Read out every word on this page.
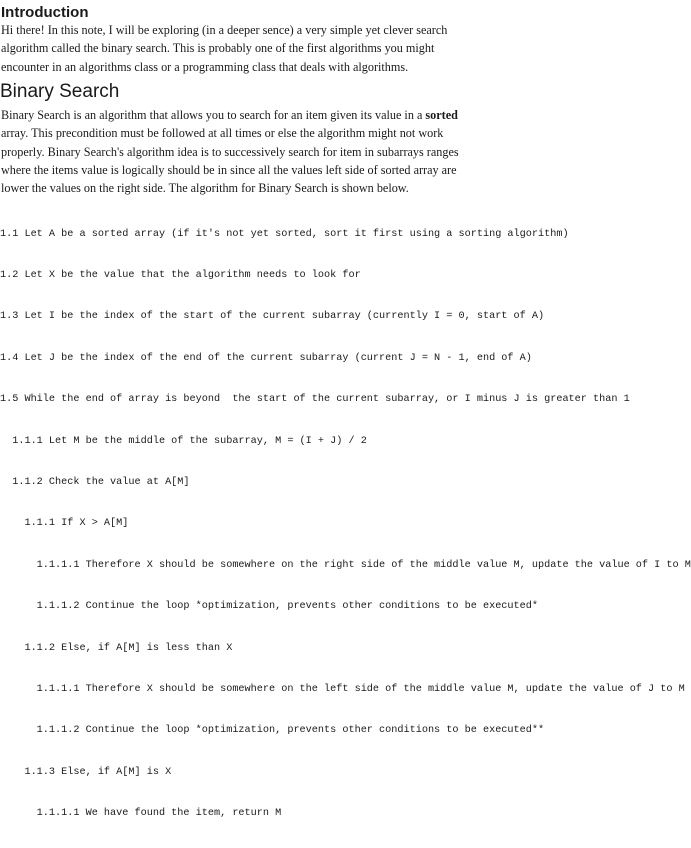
Introduction
Hi there! In this note, I will be exploring (in a deeper sence) a very simple yet clever search
algorithm called the binary search. This is probably one of the first algorithms you might
encounter in an algorithms class or a programming class that deals with algorithms.
Binary Search
Binary Search is an algorithm that allows you to search for an item given its value in a sorted
array. This precondition must be followed at all times or else the algorithm might not work
properly. Binary Search's algorithm idea is to successively search for item in subarrays ranges
where the items value is logically should be in since all the values left side of sorted array are
lower the values on the right side. The algorithm for Binary Search is shown below.

1.1 Let A be a sorted array (if it's not yet sorted, sort it first using a sorting algorithm)

1.2 Let X be the value that the algorithm needs to look for

1.3 Let I be the index of the start of the current subarray (currently I = 0, start of A)

1.4 Let J be the index of the end of the current subarray (current J = N - 1, end of A)

1.5 While the end of array is beyond  the start of the current subarray, or I minus J is greater than 1

1.1.1 Let M be the middle of the subarray, M = (I + J) / 2

1.1.2 Check the value at A[M]

1.1.1 If X > A[M]

1.1.1.1 Therefore X should be somewhere on the right side of the middle value M, update the value of I to M

1.1.1.2 Continue the loop *optimization, prevents other conditions to be executed*

1.1.2 Else, if A[M] is less than X

1.1.1.1 Therefore X should be somewhere on the left side of the middle value M, update the value of J to M

1.1.1.2 Continue the loop *optimization, prevents other conditions to be executed**

1.1.3 Else, if A[M] is X

1.1.1.1 We have found the item, return M
